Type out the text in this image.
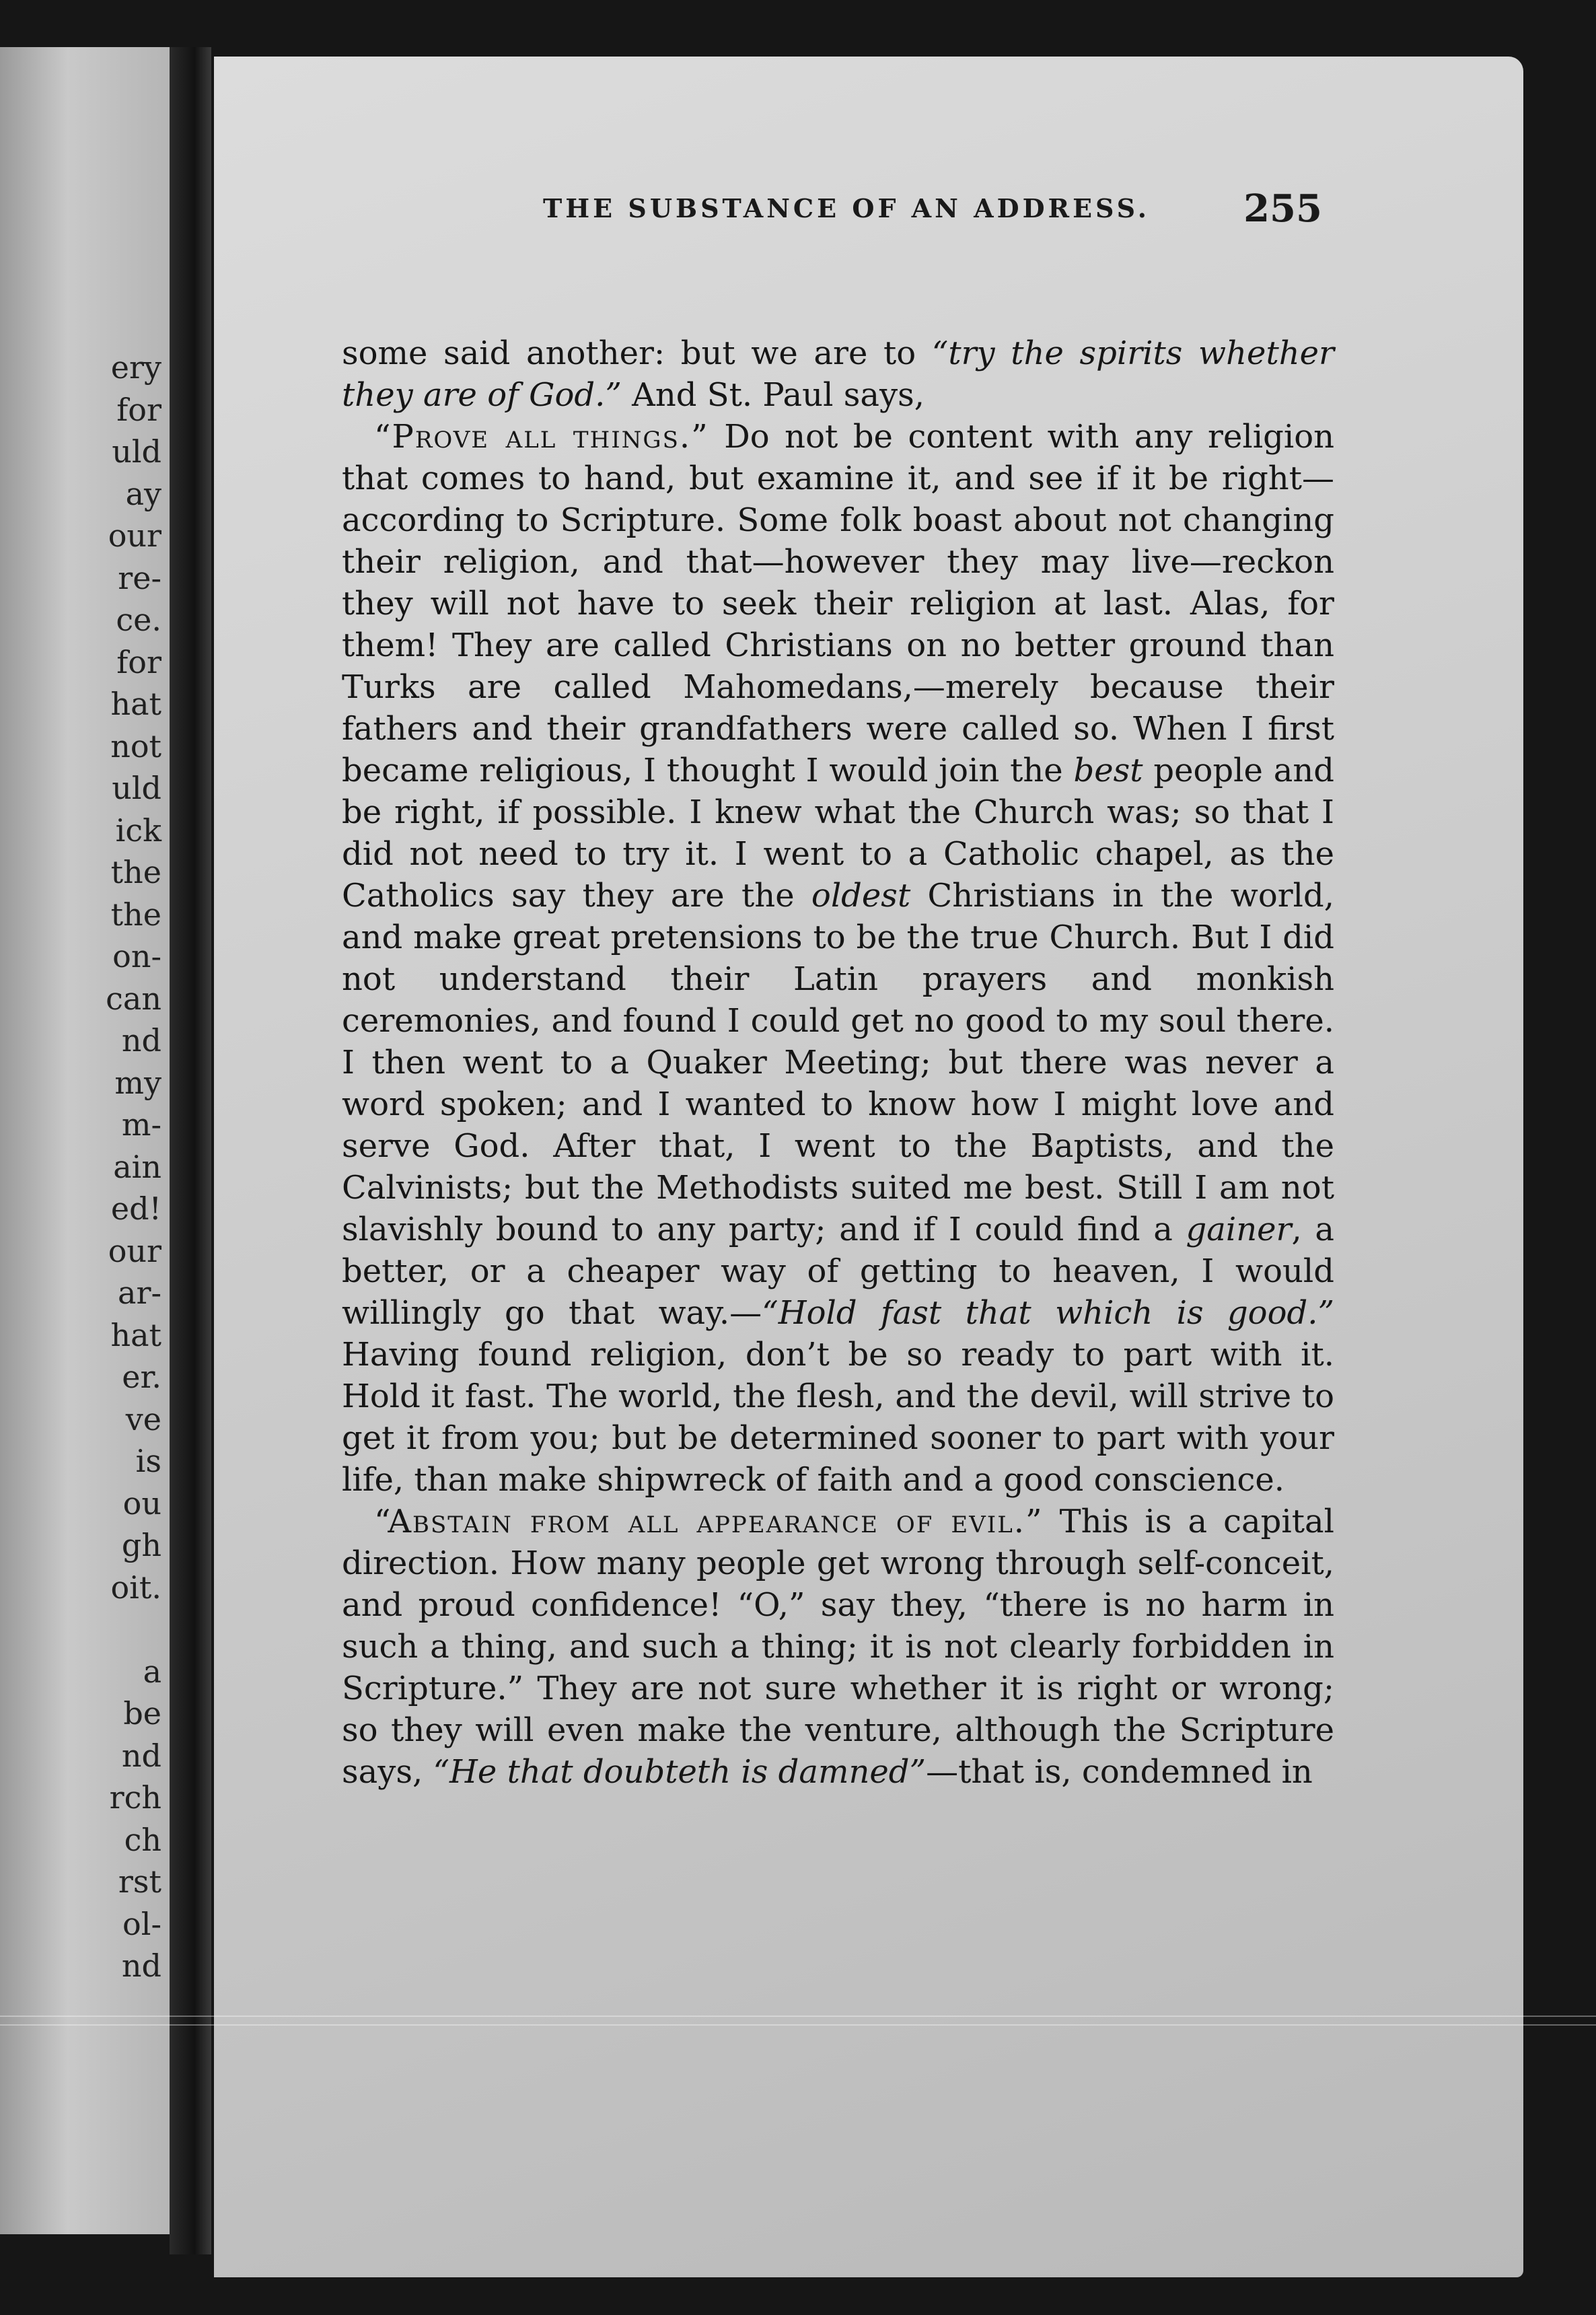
ery
for
uld
ay
our
re-
ce.
for
hat
not
uld
ick
the
the
on-
can
nd
my
m-
ain
ed!
our
ar-
hat
er.
ve
is
ou
gh
oit.
a
be
nd
rch
ch
rst
ol-
nd
THE SUBSTANCE OF AN ADDRESS. 255

some said another: but we are to “try the spirits whether they are of God.” And St. Paul says,

“Prove all things.” Do not be content with any religion that comes to hand, but examine it, and see if it be right—according to Scripture. Some folk boast about not changing their religion, and that—however they may live—reckon they will not have to seek their religion at last. Alas, for them! They are called Christians on no better ground than Turks are called Mahomedans,—merely because their fathers and their grandfathers were called so. When I first became religious, I thought I would join the best people and be right, if possible. I knew what the Church was; so that I did not need to try it. I went to a Catholic chapel, as the Catholics say they are the oldest Christians in the world, and make great pretensions to be the true Church. But I did not understand their Latin prayers and monkish ceremonies, and found I could get no good to my soul there. I then went to a Quaker Meeting; but there was never a word spoken; and I wanted to know how I might love and serve God. After that, I went to the Baptists, and the Calvinists; but the Methodists suited me best. Still I am not slavishly bound to any party; and if I could find a gainer, a better, or a cheaper way of getting to heaven, I would willingly go that way.—“Hold fast that which is good.” Having found religion, don’t be so ready to part with it. Hold it fast. The world, the flesh, and the devil, will strive to get it from you; but be determined sooner to part with your life, than make shipwreck of faith and a good conscience.

“Abstain from all appearance of evil.” This is a capital direction. How many people get wrong through self-conceit, and proud confidence! “O,” say they, “there is no harm in such a thing, and such a thing; it is not clearly forbidden in Scripture.” They are not sure whether it is right or wrong; so they will even make the venture, although the Scripture says, “He that doubteth is damned”—that is, condemned in
